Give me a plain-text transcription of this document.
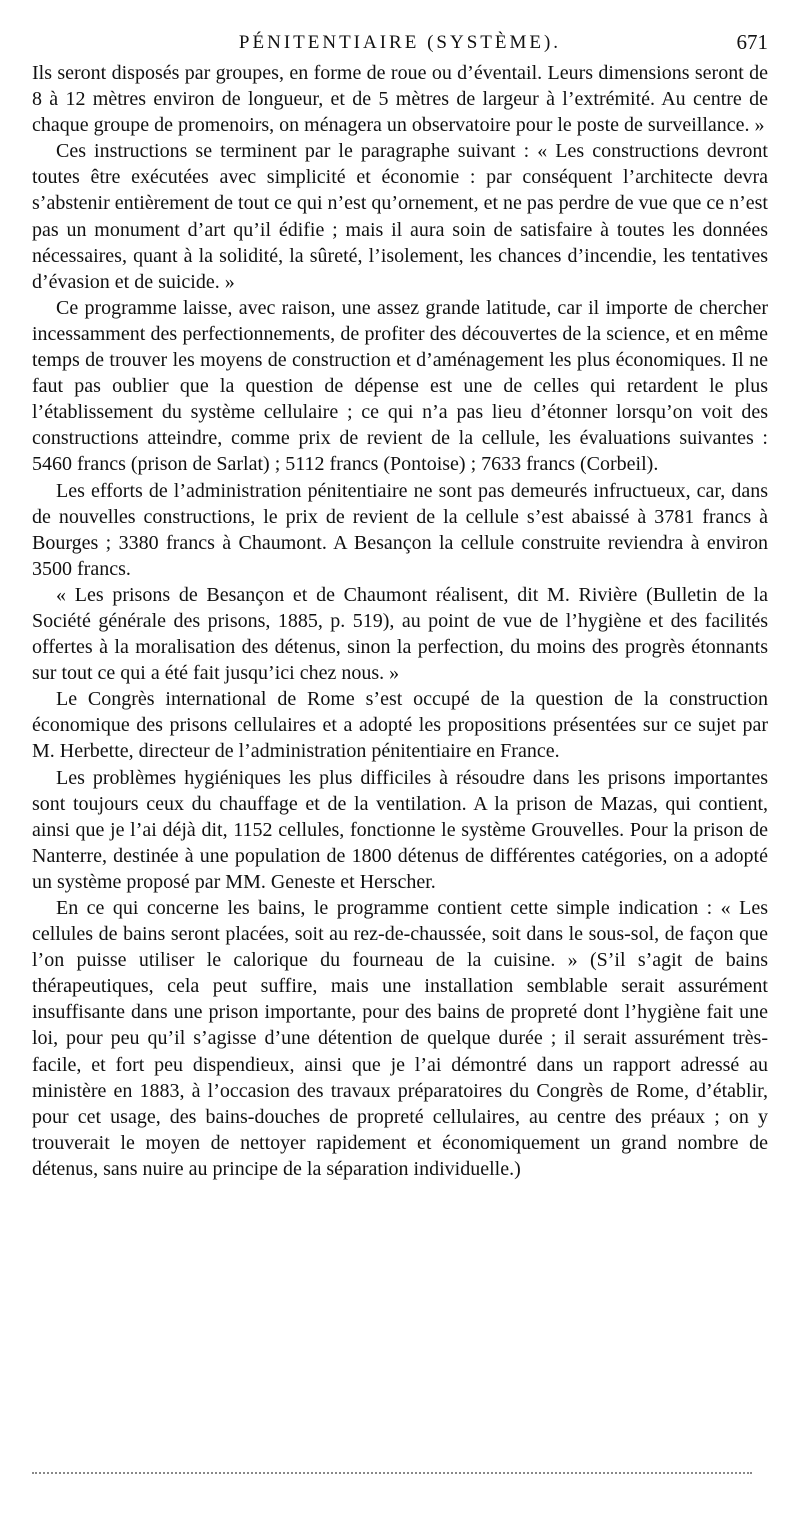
PÉNITENTIAIRE (SYSTÈME).	671

Ils seront disposés par groupes, en forme de roue ou d’éventail. Leurs dimensions seront de 8 à 12 mètres environ de longueur, et de 5 mètres de largeur à l’extrémité. Au centre de chaque groupe de promenoirs, on ménagera un observatoire pour le poste de surveillance. »

Ces instructions se terminent par le paragraphe suivant : « Les constructions devront toutes être exécutées avec simplicité et économie : par conséquent l’architecte devra s’abstenir entièrement de tout ce qui n’est qu’ornement, et ne pas perdre de vue que ce n’est pas un monument d’art qu’il édifie ; mais il aura soin de satisfaire à toutes les données nécessaires, quant à la solidité, la sûreté, l’isolement, les chances d’incendie, les tentatives d’évasion et de suicide. »

Ce programme laisse, avec raison, une assez grande latitude, car il importe de chercher incessamment des perfectionnements, de profiter des découvertes de la science, et en même temps de trouver les moyens de construction et d’aménagement les plus économiques. Il ne faut pas oublier que la question de dépense est une de celles qui retardent le plus l’établissement du système cellulaire ; ce qui n’a pas lieu d’étonner lorsqu’on voit des constructions atteindre, comme prix de revient de la cellule, les évaluations suivantes : 5460 francs (prison de Sarlat) ; 5112 francs (Pontoise) ; 7633 francs (Corbeil).

Les efforts de l’administration pénitentiaire ne sont pas demeurés infructueux, car, dans de nouvelles constructions, le prix de revient de la cellule s’est abaissé à 3781 francs à Bourges ; 3380 francs à Chaumont. A Besançon la cellule construite reviendra à environ 3500 francs.

« Les prisons de Besançon et de Chaumont réalisent, dit M. Rivière (Bulletin de la Société générale des prisons, 1885, p. 519), au point de vue de l’hygiène et des facilités offertes à la moralisation des détenus, sinon la perfection, du moins des progrès étonnants sur tout ce qui a été fait jusqu’ici chez nous. »

Le Congrès international de Rome s’est occupé de la question de la construction économique des prisons cellulaires et a adopté les propositions présentées sur ce sujet par M. Herbette, directeur de l’administration pénitentiaire en France.

Les problèmes hygiéniques les plus difficiles à résoudre dans les prisons importantes sont toujours ceux du chauffage et de la ventilation. A la prison de Mazas, qui contient, ainsi que je l’ai déjà dit, 1152 cellules, fonctionne le système Grouvelles. Pour la prison de Nanterre, destinée à une population de 1800 détenus de différentes catégories, on a adopté un système proposé par MM. Geneste et Herscher.

En ce qui concerne les bains, le programme contient cette simple indication : « Les cellules de bains seront placées, soit au rez-de-chaussée, soit dans le sous-sol, de façon que l’on puisse utiliser le calorique du fourneau de la cuisine. » (S’il s’agit de bains thérapeutiques, cela peut suffire, mais une installation semblable serait assurément insuffisante dans une prison importante, pour des bains de propreté dont l’hygiène fait une loi, pour peu qu’il s’agisse d’une détention de quelque durée ; il serait assurément très-facile, et fort peu dispendieux, ainsi que je l’ai démontré dans un rapport adressé au ministère en 1883, à l’occasion des travaux préparatoires du Congrès de Rome, d’établir, pour cet usage, des bains-douches de propreté cellulaires, au centre des préaux ; on y trouverait le moyen de nettoyer rapidement et économiquement un grand nombre de détenus, sans nuire au principe de la séparation individuelle.)
